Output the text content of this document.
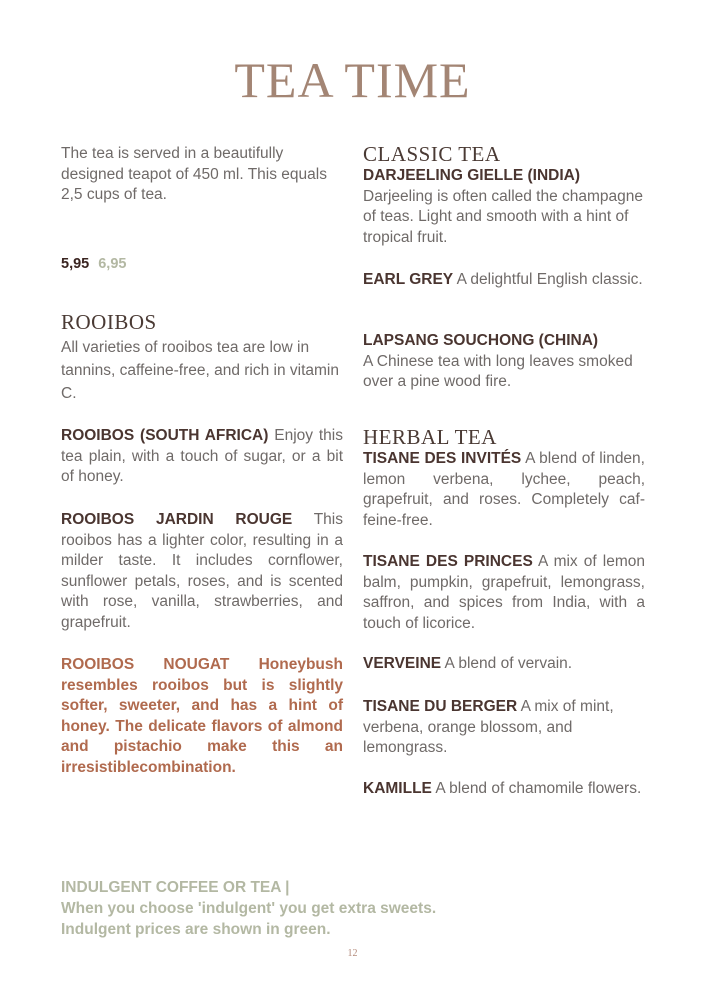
TEA TIME
The tea is served in a beautifully designed teapot of 450 ml. This equals 2,5 cups of tea.
5,95 6,95
ROOIBOS
All varieties of rooibos tea are low in tannins, caffeine-free, and rich in vitamin C.
ROOIBOS (SOUTH AFRICA) Enjoy this tea plain, with a touch of sugar, or a bit of honey.
ROOIBOS JARDIN ROUGE This rooibos has a lighter color, resulting in a milder taste. It includes cornflower, sunflower petals, roses, and is scented with rose, vanilla, strawberries, and grapefruit.
ROOIBOS NOUGAT Honeybush resembles rooibos but is slightly softer, sweeter, and has a hint of honey. The delicate flavors of almond and pistachio make this an irresistiblecombination.
CLASSIC TEA
DARJEELING GIELLE (INDIA)
Darjeeling is often called the champagne of teas. Light and smooth with a hint of tropical fruit.
EARL GREY A delightful English classic.
LAPSANG SOUCHONG (CHINA)
A Chinese tea with long leaves smoked over a pine wood fire.
HERBAL TEA
TISANE DES INVITÉS A blend of linden, lemon verbena, lychee, peach, grapefruit, and roses. Completely caf-feine-free.
TISANE DES PRINCES A mix of lemon balm, pumpkin, grapefruit, lemongrass, saffron, and spices from India, with a touch of licorice.
VERVEINE A blend of vervain.
TISANE DU BERGER A mix of mint, verbena, orange blossom, and lemongrass.
KAMILLE A blend of chamomile flowers.
INDULGENT COFFEE OR TEA |
When you choose 'indulgent' you get extra sweets.
Indulgent prices are shown in green.
12
